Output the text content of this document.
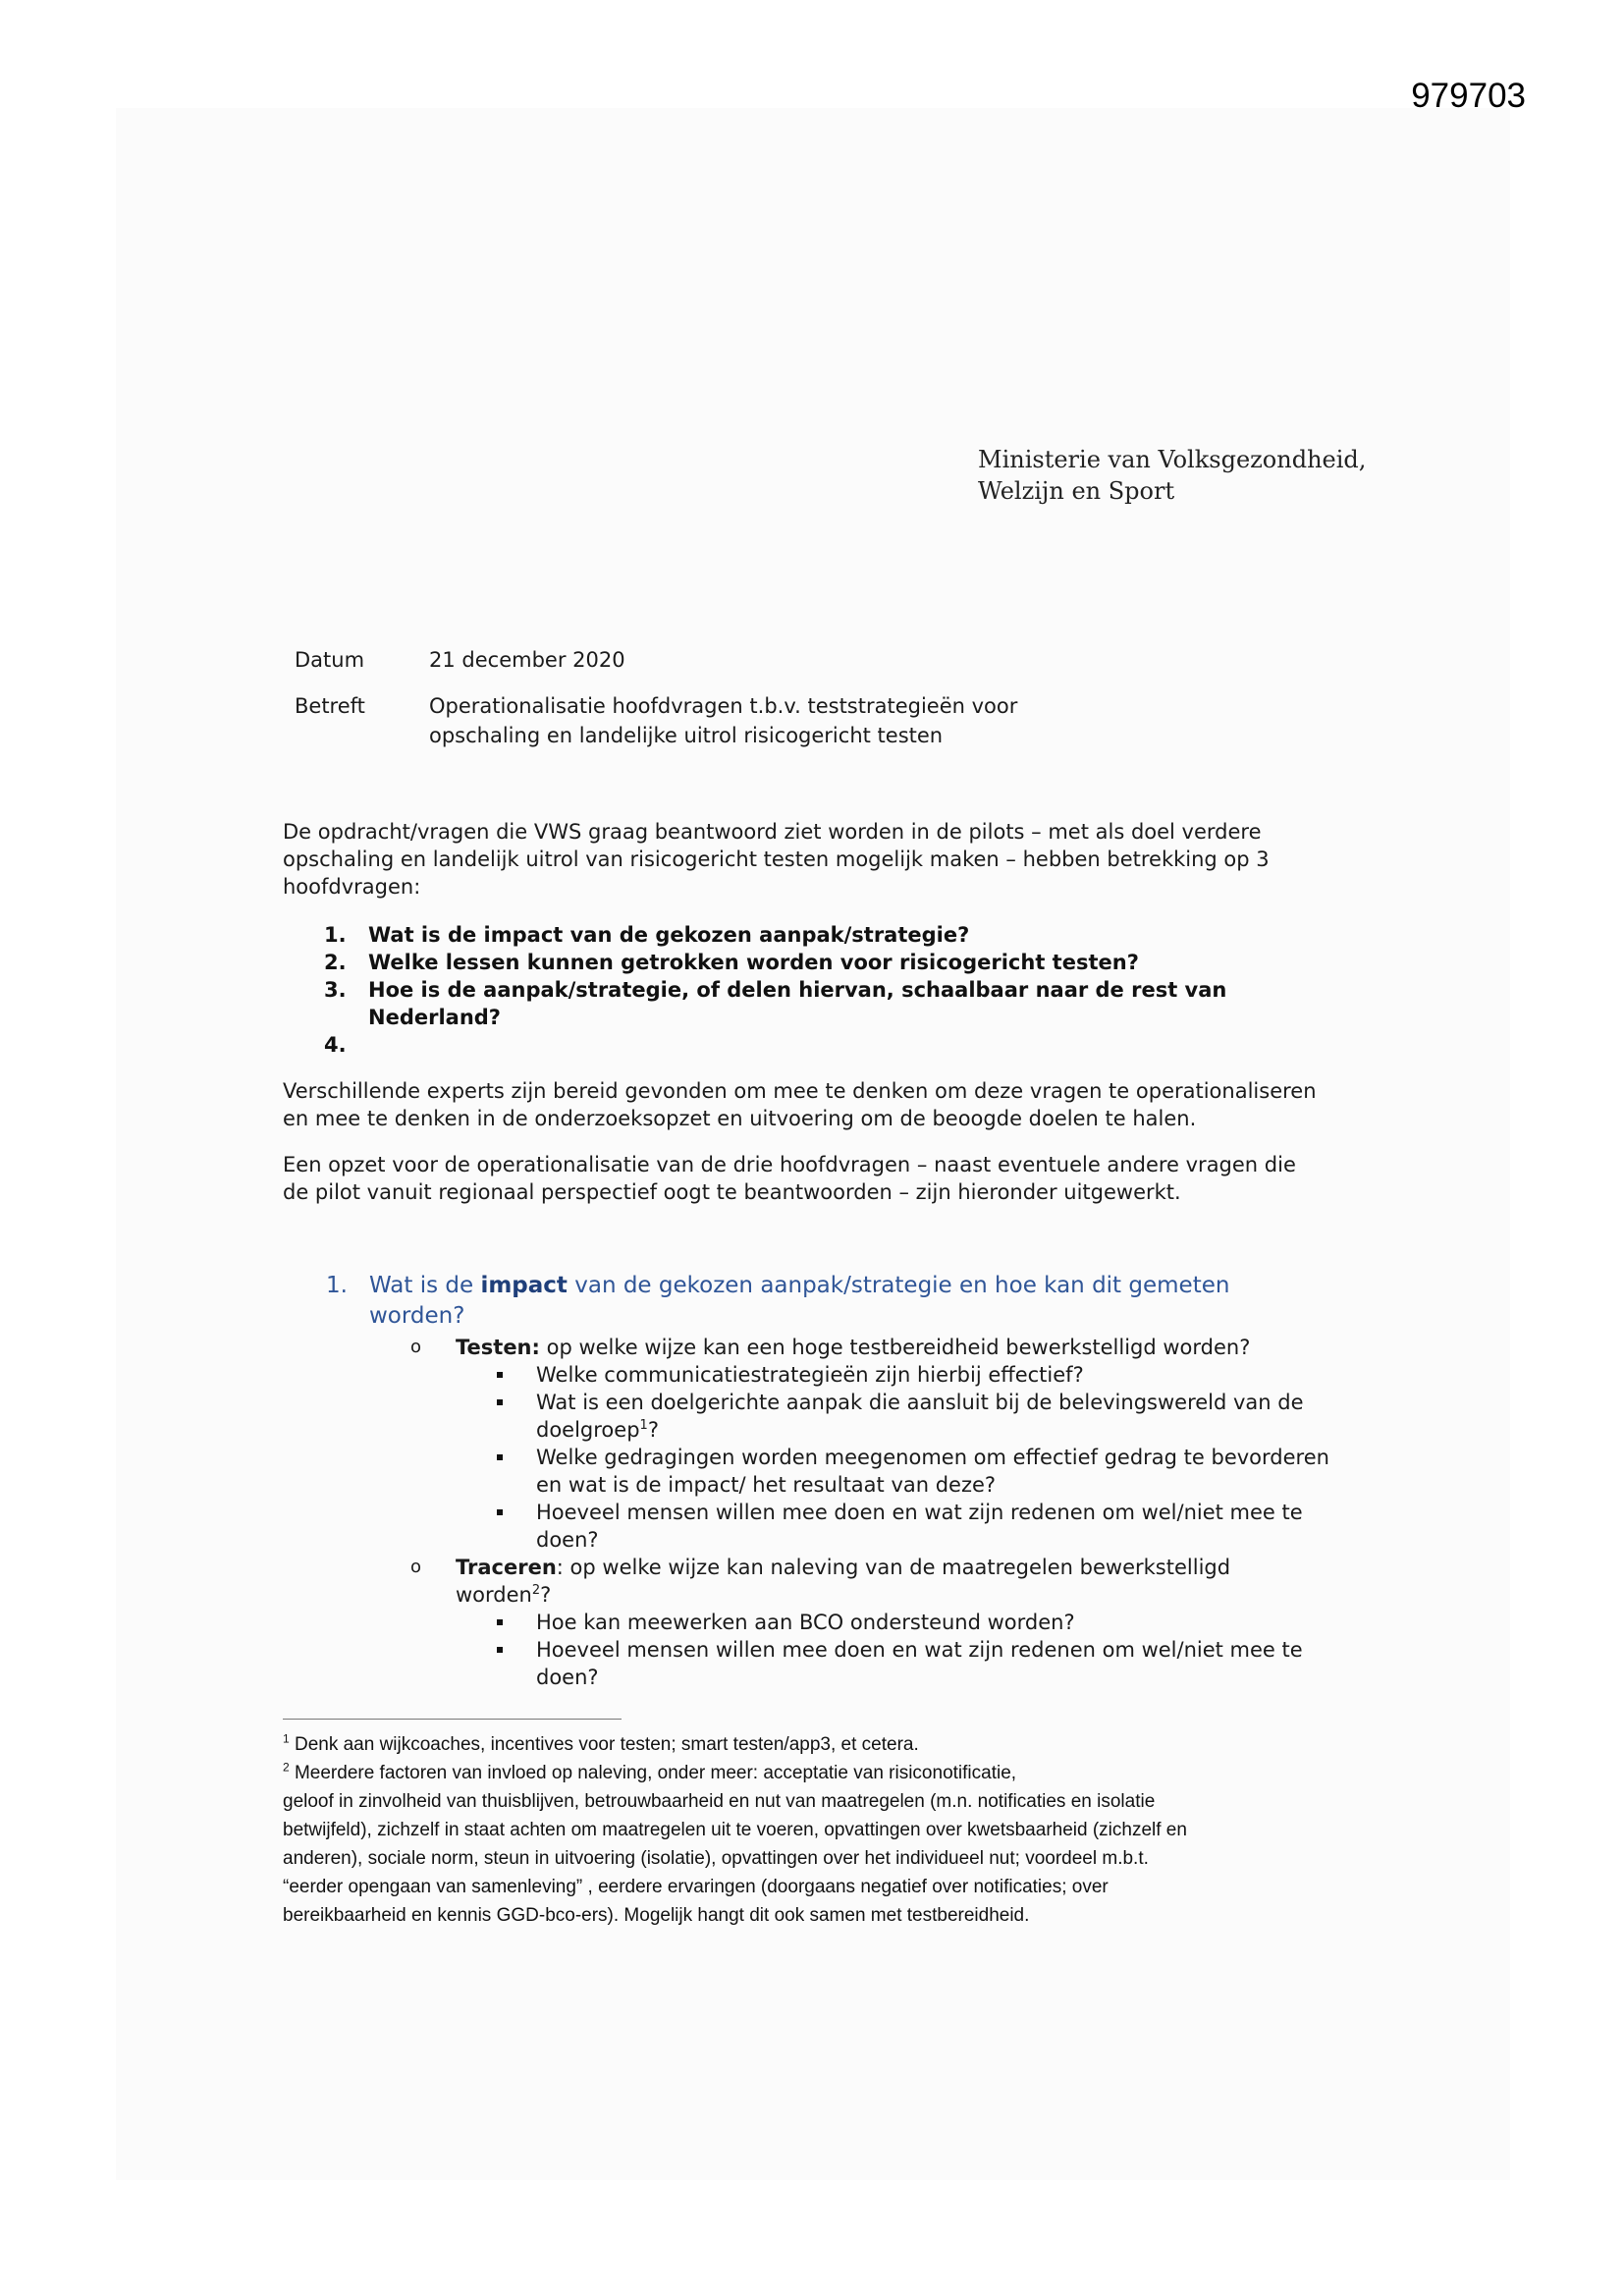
979703
Ministerie van Volksgezondheid,
Welzijn en Sport
Datum	21 december 2020
Betreft	Operationalisatie hoofdvragen t.b.v. teststrategieën voor
opschaling en landelijke uitrol risicogericht testen
De opdracht/vragen die VWS graag beantwoord ziet worden in de pilots – met als doel verdere
opschaling en landelijk uitrol van risicogericht testen mogelijk maken – hebben betrekking op 3
hoofdvragen:
1.	Wat is de impact van de gekozen aanpak/strategie?
2.	Welke lessen kunnen getrokken worden voor risicogericht testen?
3.	Hoe is de aanpak/strategie, of delen hiervan, schaalbaar naar de rest van
Nederland?
4.
Verschillende experts zijn bereid gevonden om mee te denken om deze vragen te operationaliseren
en mee te denken in de onderzoeksopzet en uitvoering om de beoogde doelen te halen.
Een opzet voor de operationalisatie van de drie hoofdvragen – naast eventuele andere vragen die
de pilot vanuit regionaal perspectief oogt te beantwoorden – zijn hieronder uitgewerkt.
1. Wat is de impact van de gekozen aanpak/strategie en hoe kan dit gemeten
worden?
o Testen: op welke wijze kan een hoge testbereidheid bewerkstelligd worden?
Welke communicatiestrategieën zijn hierbij effectief?
Wat is een doelgerichte aanpak die aansluit bij de belevingswereld van de
doelgroep$^1$?
Welke gedragingen worden meegenomen om effectief gedrag te bevorderen
en wat is de impact/ het resultaat van deze?
Hoeveel mensen willen mee doen en wat zijn redenen om wel/niet mee te
doen?
o Traceren: op welke wijze kan naleving van de maatregelen bewerkstelligd
worden$^2$?
Hoe kan meewerken aan BCO ondersteund worden?
Hoeveel mensen willen mee doen en wat zijn redenen om wel/niet mee te
doen?
$^1$ Denk aan wijkcoaches, incentives voor testen; smart testen/app3, et cetera.
$^2$ Meerdere factoren van invloed op naleving, onder meer: acceptatie van risiconotificatie,
geloof in zinvolheid van thuisblijven, betrouwbaarheid en nut van maatregelen (m.n. notificaties en isolatie
betwijfeld), zichzelf in staat achten om maatregelen uit te voeren, opvattingen over kwetsbaarheid (zichzelf en
anderen), sociale norm, steun in uitvoering (isolatie), opvattingen over het individueel nut; voordeel m.b.t.
“eerder opengaan van samenleving” , eerdere ervaringen (doorgaans negatief over notificaties; over
bereikbaarheid en kennis GGD-bco-ers). Mogelijk hangt dit ook samen met testbereidheid.
